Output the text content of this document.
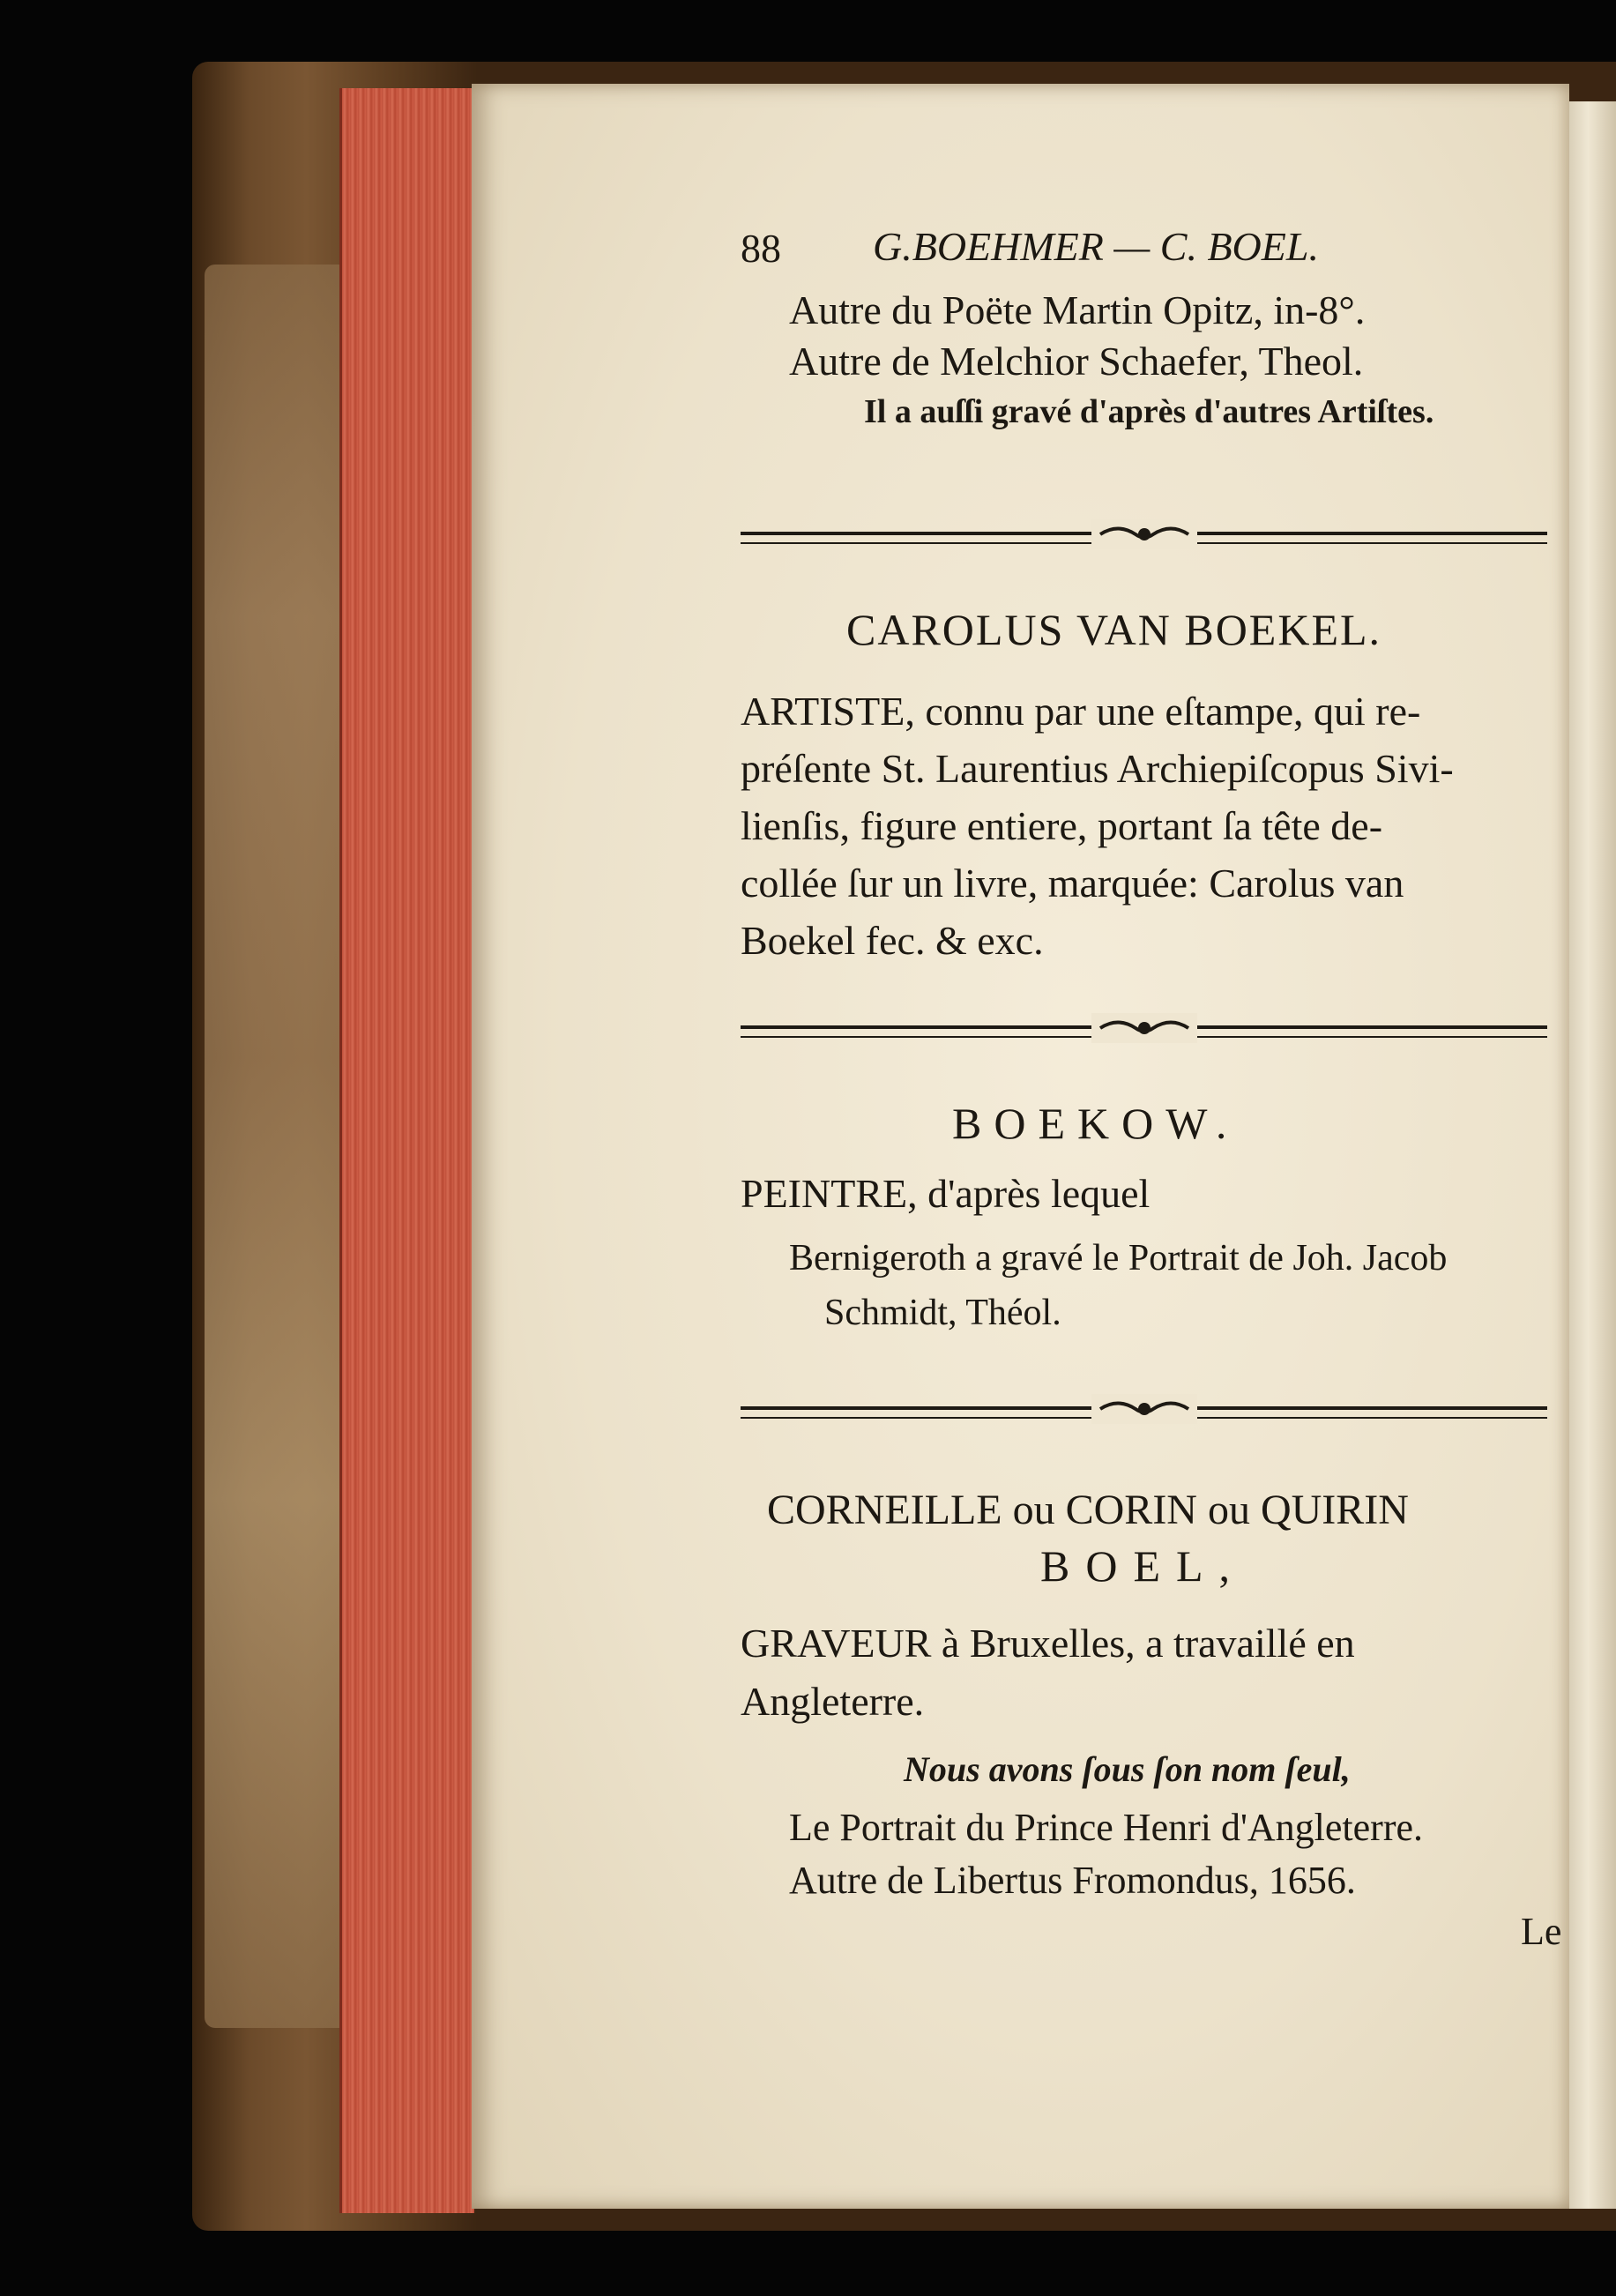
88 G.BOEHMER — C. BOEL.
Autre du Poëte Martin Opitz, in-8°.
Autre de Melchior Schaefer, Theol.
Il a auſſi gravé d'après d'autres Artiſtes.
CAROLUS VAN BOEKEL.
ARTISTE, connu par une eſtampe, qui re-
préſente St. Laurentius Archiepiſcopus Sivi-
lienſis, figure entiere, portant ſa tête de-
collée ſur un livre, marquée: Carolus van
Boekel fec. & exc.
BOEKOW.
PEINTRE, d'après lequel
Bernigeroth a gravé le Portrait de Joh. Jacob
Schmidt, Théol.
CORNEILLE ou CORIN ou QUIRIN
BOEL,
GRAVEUR à Bruxelles, a travaillé en
Angleterre.
Nous avons ſous ſon nom ſeul,
Le Portrait du Prince Henri d'Angleterre.
Autre de Libertus Fromondus, 1656.
Le
